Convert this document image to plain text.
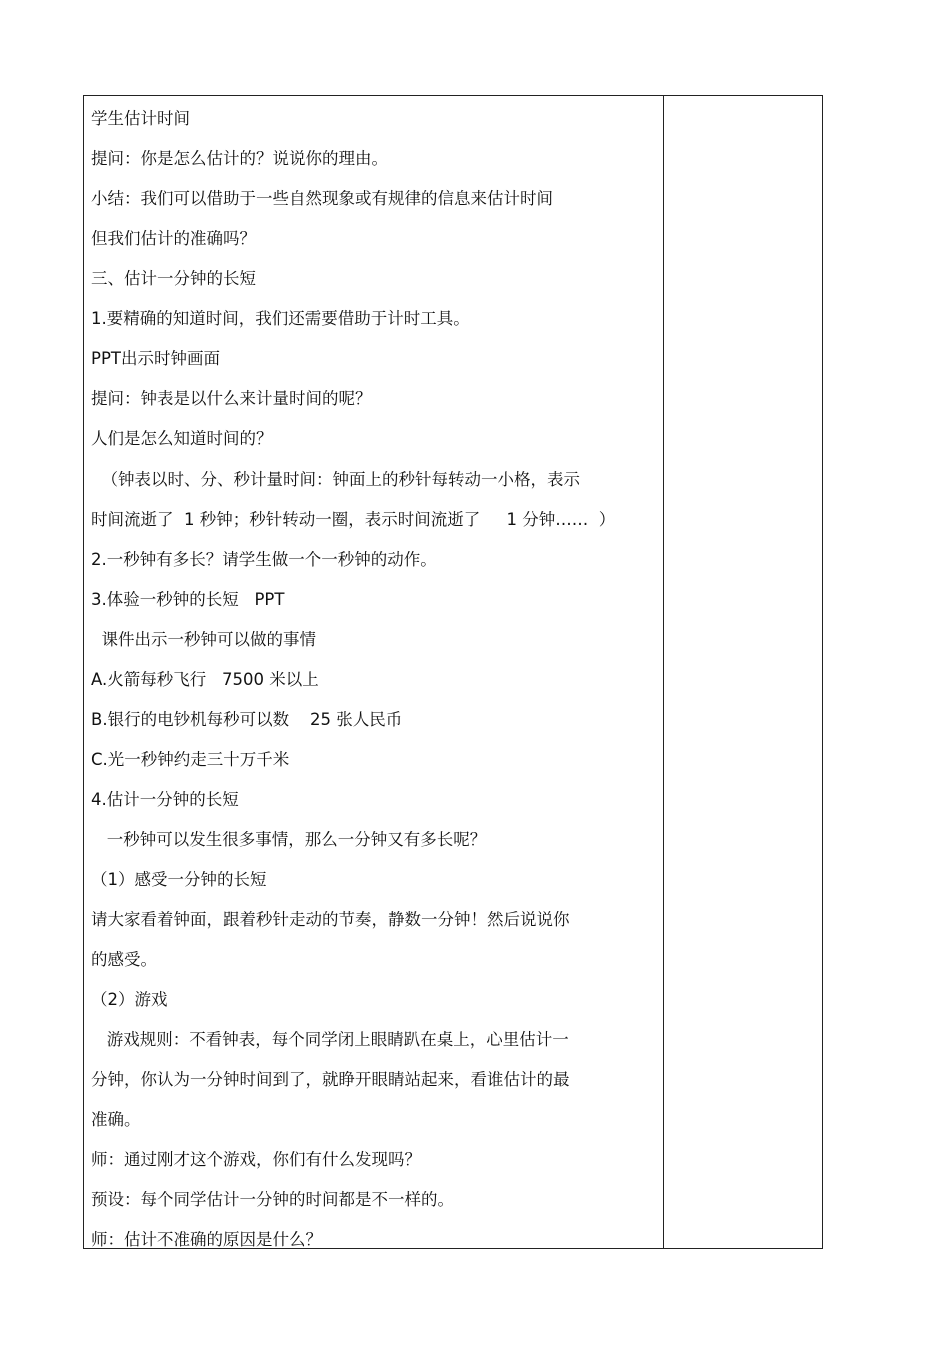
学生估计时间
提问：你是怎么估计的？说说你的理由。
小结：我们可以借助于一些自然现象或有规律的信息来估计时间
但我们估计的准确吗？
三、估计一分钟的长短
1.要精确的知道时间，我们还需要借助于计时工具。
PPT出示时钟画面
提问：钟表是以什么来计量时间的呢？
人们是怎么知道时间的？
（钟表以时、分、秒计量时间：钟面上的秒针每转动一小格，表示
时间流逝了  1 秒钟；秒针转动一圈，表示时间流逝了     1 分钟……  ）
2.一秒钟有多长？请学生做一个一秒钟的动作。
3.体验一秒钟的长短   PPT
课件出示一秒钟可以做的事情
A.火箭每秒飞行   7500 米以上
B.银行的电钞机每秒可以数    25 张人民币
C.光一秒钟约走三十万千米
4.估计一分钟的长短
一秒钟可以发生很多事情，那么一分钟又有多长呢？
（1）感受一分钟的长短
请大家看着钟面，跟着秒针走动的节奏，静数一分钟！然后说说你
的感受。
（2）游戏
游戏规则：不看钟表，每个同学闭上眼睛趴在桌上，心里估计一
分钟，你认为一分钟时间到了，就睁开眼睛站起来，看谁估计的最
准确。
师：通过刚才这个游戏，你们有什么发现吗？
预设：每个同学估计一分钟的时间都是不一样的。
师：估计不准确的原因是什么？
